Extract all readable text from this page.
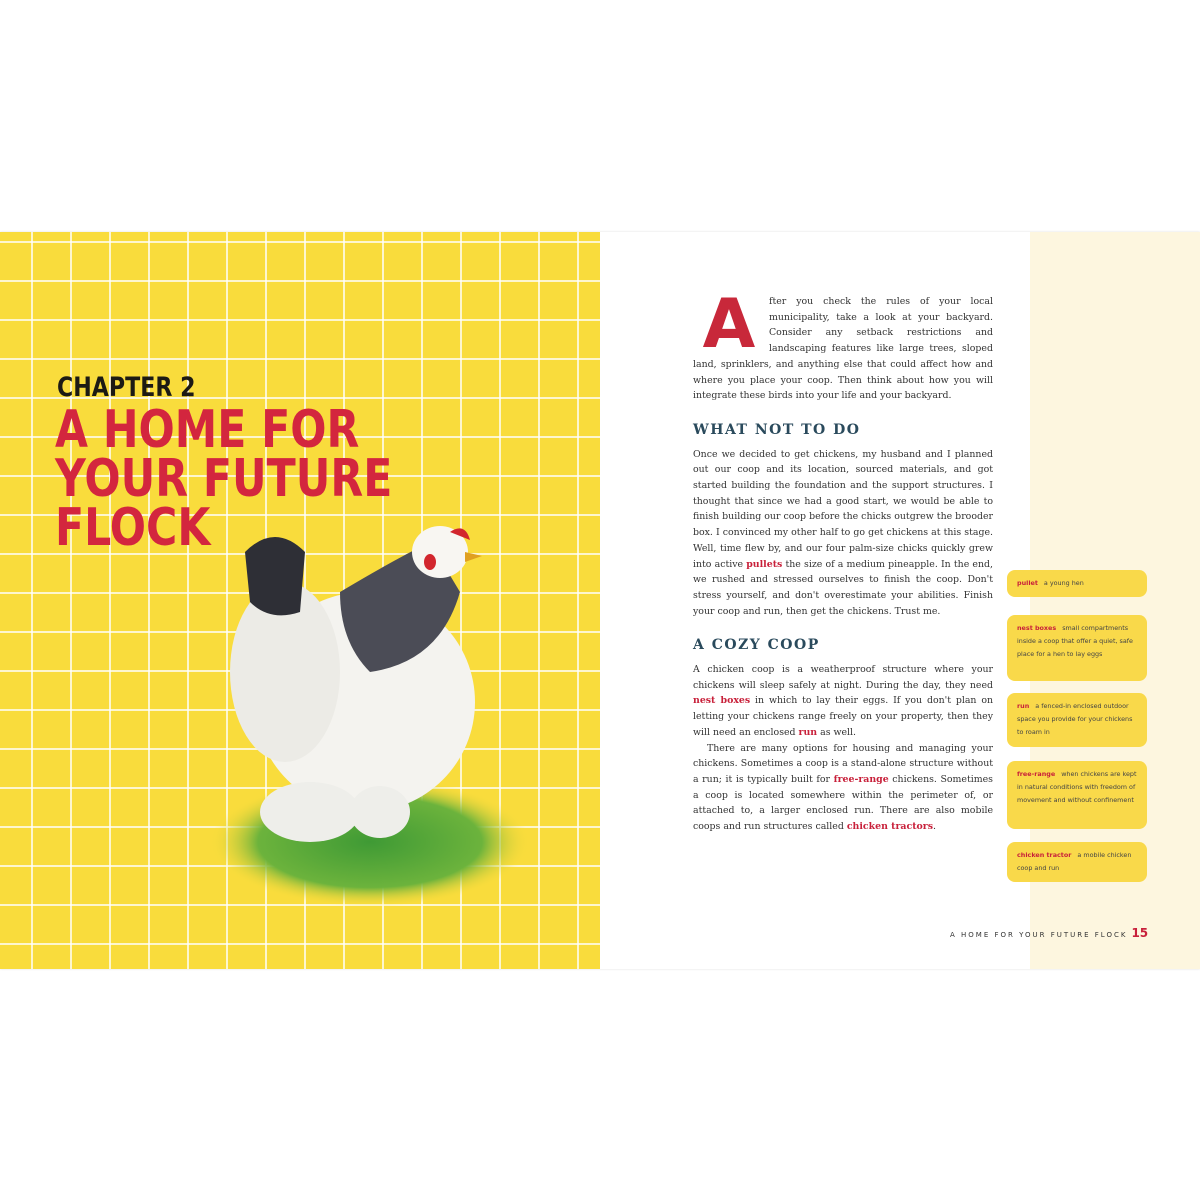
CHAPTER 2
A HOME FOR
YOUR FUTURE
FLOCK
A	fter you check the rules of your local municipality, take a look at your backyard. Consider any setback restrictions and landscaping features like large trees, sloped land, sprinklers, and anything else that could affect how and where you place your coop. Then think about how you will integrate these birds into your life and your backyard.

WHAT NOT TO DO

Once we decided to get chickens, my husband and I planned out our coop and its location, sourced materials, and got started building the foundation and the support structures. I thought that since we had a good start, we would be able to finish building our coop before the chicks outgrew the brooder box. I convinced my other half to go get chickens at this stage. Well, time flew by, and our four palm-size chicks quickly grew into active pullets the size of a medium pineapple. In the end, we rushed and stressed ourselves to finish the coop. Don't stress yourself, and don't overestimate your abilities. Finish your coop and run, then get the chickens. Trust me.

A COZY COOP

A chicken coop is a weatherproof structure where your chickens will sleep safely at night. During the day, they need nest boxes in which to lay their eggs. If you don't plan on letting your chickens range freely on your property, then they will need an enclosed run as well.

There are many options for housing and managing your chickens. Sometimes a coop is a stand-alone structure without a run; it is typically built for free-range chickens. Sometimes a coop is located somewhere within the perimeter of, or attached to, a larger enclosed run. There are also mobile coops and run structures called chicken tractors.

pullet a young hen
nest boxes small compartments inside a coop that offer a quiet, safe place for a hen to lay eggs
run a fenced-in enclosed outdoor space you provide for your chickens to roam in
free-range when chickens are kept in natural conditions with freedom of movement and without confinement
chicken tractor a mobile chicken coop and run
A HOME FOR YOUR FUTURE FLOCK 15
